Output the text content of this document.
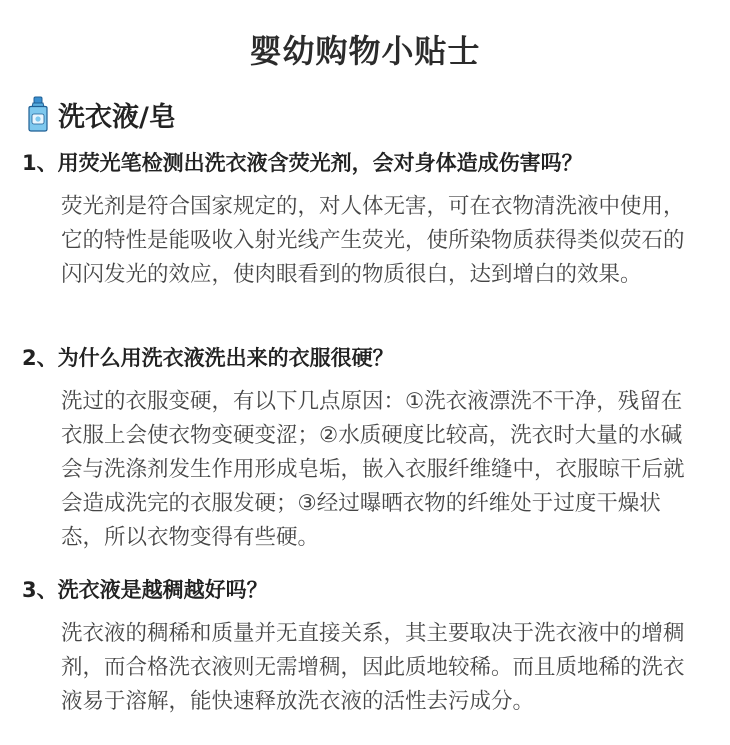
婴幼购物小贴士
洗衣液/皂
1、用荧光笔检测出洗衣液含荧光剂，会对身体造成伤害吗？
荧光剂是符合国家规定的，对人体无害，可在衣物清洗液中使用，它的特性是能吸收入射光线产生荧光，使所染物质获得类似荧石的闪闪发光的效应，使肉眼看到的物质很白，达到增白的效果。
2、为什么用洗衣液洗出来的衣服很硬？
洗过的衣服变硬，有以下几点原因：①洗衣液漂洗不干净，残留在衣服上会使衣物变硬变涩；②水质硬度比较高，洗衣时大量的水碱会与洗涤剂发生作用形成皂垢，嵌入衣服纤维缝中，衣服晾干后就会造成洗完的衣服发硬；③经过曝晒衣物的纤维处于过度干燥状态，所以衣物变得有些硬。
3、洗衣液是越稠越好吗？
洗衣液的稠稀和质量并无直接关系，其主要取决于洗衣液中的增稠剂，而合格洗衣液则无需增稠，因此质地较稀。而且质地稀的洗衣液易于溶解，能快速释放洗衣液的活性去污成分。
